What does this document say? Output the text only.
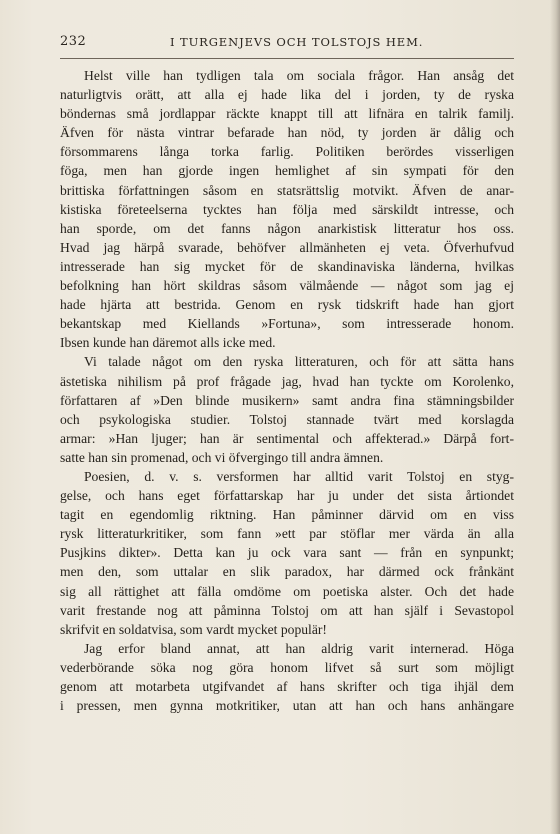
232	I TURGENJEVS OCH TOLSTOJS HEM.
Helst ville han tydligen tala om sociala frågor. Han ansåg det
naturligtvis orätt, att alla ej hade lika del i jorden, ty de ryska
böndernas små jordlappar räckte knappt till att lifnära en talrik familj.
Äfven för nästa vintrar befarade han nöd, ty jorden är dålig och
försommarens långa torka farlig. Politiken berördes visserligen
föga, men han gjorde ingen hemlighet af sin sympati för den
brittiska författningen såsom en statsrättslig motvikt. Äfven de anar-
kistiska företeelserna tycktes han följa med särskildt intresse, och
han sporde, om det fanns någon anarkistisk litteratur hos oss.
Hvad jag härpå svarade, behöfver allmänheten ej veta. Öfverhufvud
intresserade han sig mycket för de skandinaviska länderna, hvilkas
befolkning han hört skildras såsom välmående — något som jag ej
hade hjärta att bestrida. Genom en rysk tidskrift hade han gjort
bekantskap med Kiellands »Fortuna», som intresserade honom.
Ibsen kunde han däremot alls icke med.
Vi talade något om den ryska litteraturen, och för att sätta hans
ästetiska nihilism på prof frågade jag, hvad han tyckte om Korolenko,
författaren af »Den blinde musikern» samt andra fina stämningsbilder
och psykologiska studier. Tolstoj stannade tvärt med korslagda
armar: »Han ljuger; han är sentimental och affekterad.» Därpå fort-
satte han sin promenad, och vi öfvergingo till andra ämnen.
Poesien, d. v. s. versformen har alltid varit Tolstoj en styg-
gelse, och hans eget författarskap har ju under det sista årtiondet
tagit en egendomlig riktning. Han påminner därvid om en viss
rysk litteraturkritiker, som fann »ett par stöflar mer värda än alla
Pusjkins dikter». Detta kan ju ock vara sant — från en synpunkt;
men den, som uttalar en slik paradox, har därmed ock frånkänt
sig all rättighet att fälla omdöme om poetiska alster. Och det hade
varit frestande nog att påminna Tolstoj om att han själf i Sevastopol
skrifvit en soldatvisa, som vardt mycket populär!
Jag erfor bland annat, att han aldrig varit internerad. Höga
vederbörande söka nog göra honom lifvet så surt som möjligt
genom att motarbeta utgifvandet af hans skrifter och tiga ihjäl dem
i pressen, men gynna motkritiker, utan att han och hans anhängare
